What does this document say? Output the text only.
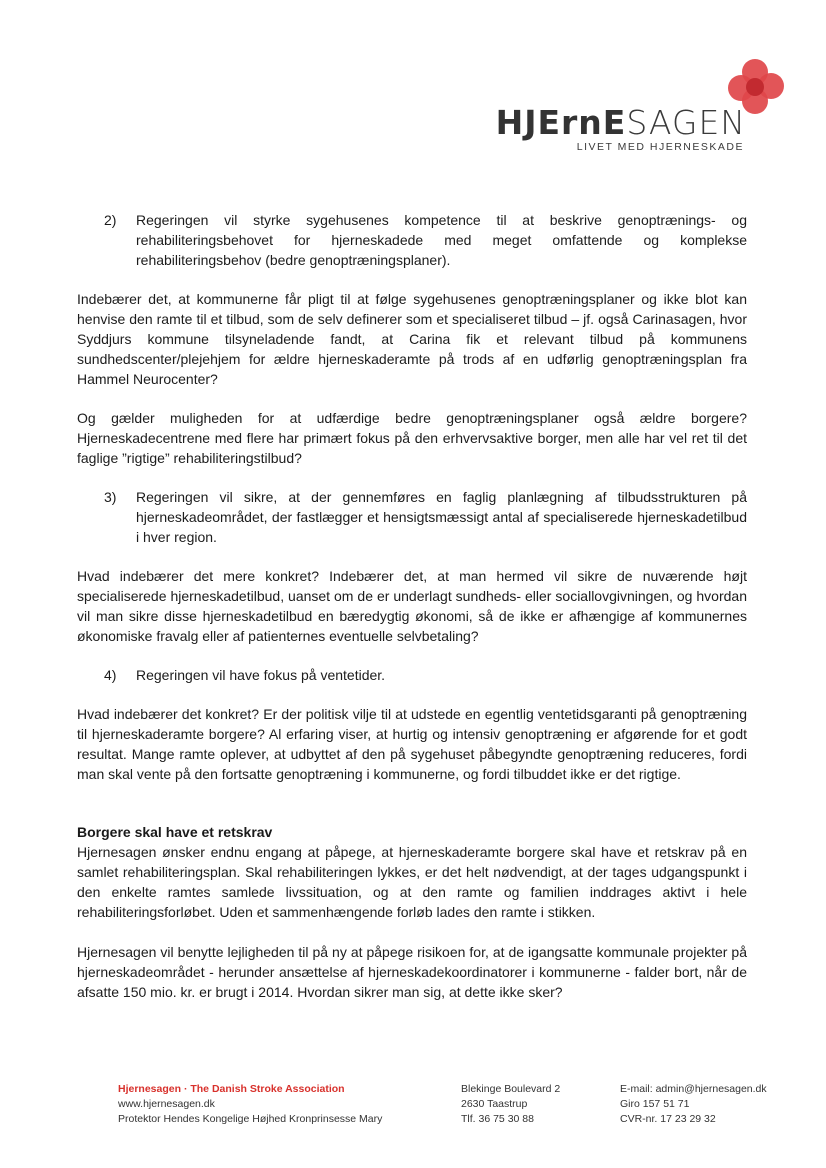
HJErnESAGEN
LIVET MED HJERNESKADE
2)	Regeringen vil styrke sygehusenes kompetence til at beskrive genoptrænings- og rehabiliteringsbehovet for hjerneskadede med meget omfattende og komplekse rehabiliteringsbehov (bedre genoptræningsplaner).

Indebærer det, at kommunerne får pligt til at følge sygehusenes genoptræningsplaner og ikke blot kan henvise den ramte til et tilbud, som de selv definerer som et specialiseret tilbud – jf. også Carinasagen, hvor Syddjurs kommune tilsyneladende fandt, at Carina fik et relevant tilbud på kommunens sundhedscenter/plejehjem for ældre hjerneskaderamte på trods af en udførlig genoptræningsplan fra Hammel Neurocenter?

Og gælder muligheden for at udfærdige bedre genoptræningsplaner også ældre borgere? Hjerneskadecentrene med flere har primært fokus på den erhvervsaktive borger, men alle har vel ret til det faglige ”rigtige” rehabiliteringstilbud?

3)	Regeringen vil sikre, at der gennemføres en faglig planlægning af tilbudsstrukturen på hjerneskadeområdet, der fastlægger et hensigtsmæssigt antal af specialiserede hjerneskadetilbud i hver region.

Hvad indebærer det mere konkret? Indebærer det, at man hermed vil sikre de nuværende højt specialiserede hjerneskadetilbud, uanset om de er underlagt sundheds- eller sociallovgivningen, og hvordan vil man sikre disse hjerneskadetilbud en bæredygtig økonomi, så de ikke er afhængige af kommunernes økonomiske fravalg eller af patienternes eventuelle selvbetaling?

4)	Regeringen vil have fokus på ventetider.

Hvad indebærer det konkret? Er der politisk vilje til at udstede en egentlig ventetidsgaranti på genoptræning til hjerneskaderamte borgere? Al erfaring viser, at hurtig og intensiv genoptræning er afgørende for et godt resultat. Mange ramte oplever, at udbyttet af den på sygehuset påbegyndte genoptræning reduceres, fordi man skal vente på den fortsatte genoptræning i kommunerne, og fordi tilbuddet ikke er det rigtige.

Borgere skal have et retskrav

Hjernesagen ønsker endnu engang at påpege, at hjerneskaderamte borgere skal have et retskrav på en samlet rehabiliteringsplan. Skal rehabiliteringen lykkes, er det helt nødvendigt, at der tages udgangspunkt i den enkelte ramtes samlede livssituation, og at den ramte og familien inddrages aktivt i hele rehabiliteringsforløbet. Uden et sammenhængende forløb lades den ramte i stikken.

Hjernesagen vil benytte lejligheden til på ny at påpege risikoen for, at de igangsatte kommunale projekter på hjerneskadeområdet - herunder ansættelse af hjerneskadekoordinatorer i kommunerne - falder bort, når de afsatte 150 mio. kr. er brugt i 2014. Hvordan sikrer man sig, at dette ikke sker?

Hjernesagen · The Danish Stroke Association
www.hjernesagen.dk
Protektor Hendes Kongelige Højhed Kronprinsesse Mary
Blekinge Boulevard 2
2630 Taastrup
Tlf. 36 75 30 88
E-mail: admin@hjernesagen.dk
Giro 157 51 71
CVR-nr. 17 23 29 32
